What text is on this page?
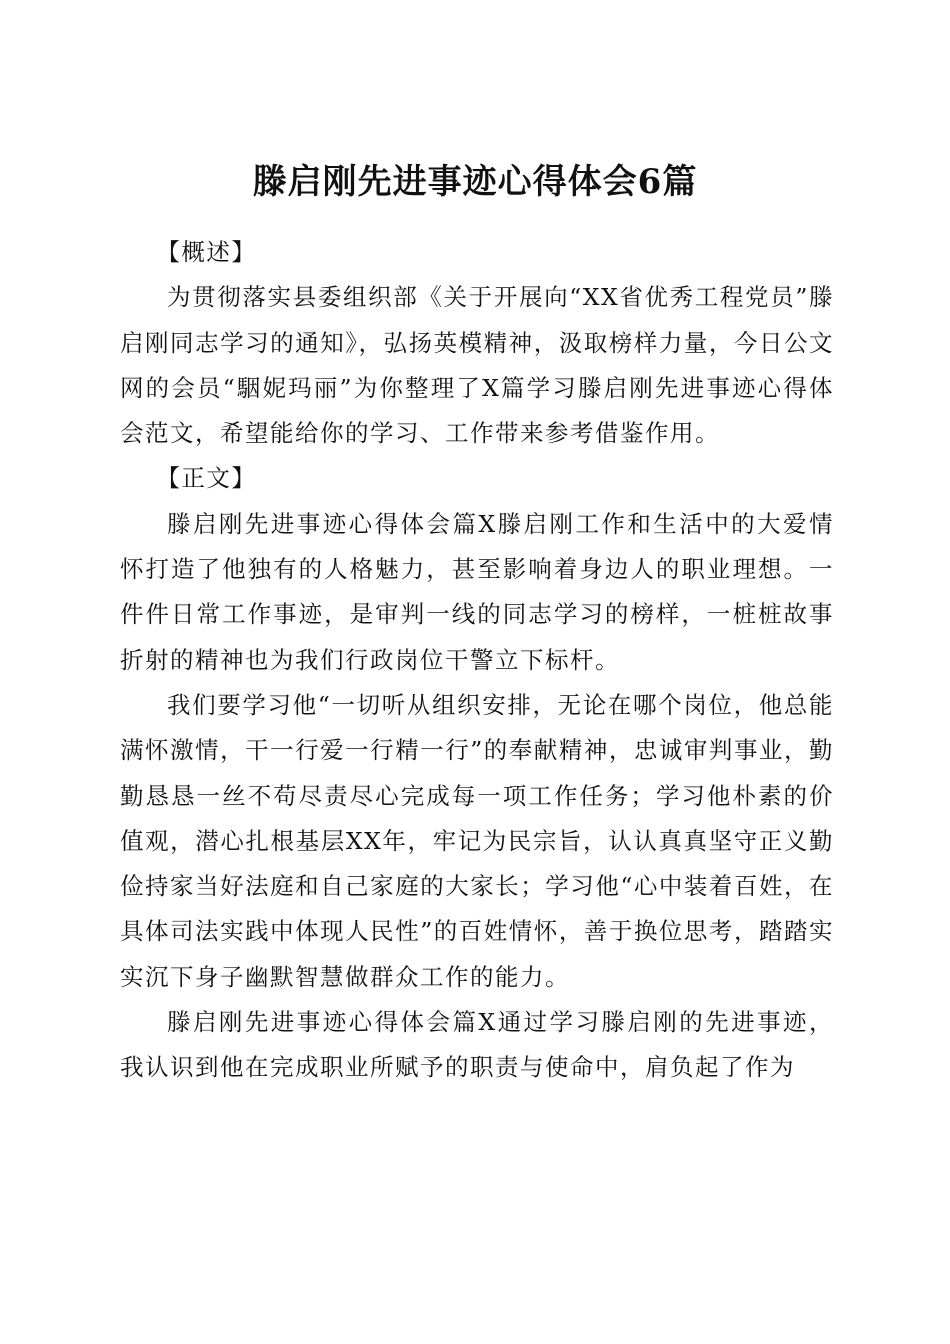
滕启刚先进事迹心得体会6篇

【概述】

为贯彻落实县委组织部《关于开展向“XX省优秀工程党员”滕启刚同志学习的通知》，弘扬英模精神，汲取榜样力量，今日公文网的会员“駰妮玛丽”为你整理了X篇学习滕启刚先进事迹心得体会范文，希望能给你的学习、工作带来参考借鉴作用。

【正文】

滕启刚先进事迹心得体会篇X滕启刚工作和生活中的大爱情怀打造了他独有的人格魅力，甚至影响着身边人的职业理想。一件件日常工作事迹，是审判一线的同志学习的榜样，一桩桩故事折射的精神也为我们行政岗位干警立下标杆。

我们要学习他“一切听从组织安排，无论在哪个岗位，他总能满怀激情，干一行爱一行精一行”的奉献精神，忠诚审判事业，勤勤恳恳一丝不苟尽责尽心完成每一项工作任务；学习他朴素的价值观，潜心扎根基层XX年，牢记为民宗旨，认认真真坚守正义勤俭持家当好法庭和自己家庭的大家长；学习他“心中装着百姓，在具体司法实践中体现人民性”的百姓情怀，善于换位思考，踏踏实实沉下身子幽默智慧做群众工作的能力。

滕启刚先进事迹心得体会篇X通过学习滕启刚的先进事迹，我认识到他在完成职业所赋予的职责与使命中，肩负起了作为
